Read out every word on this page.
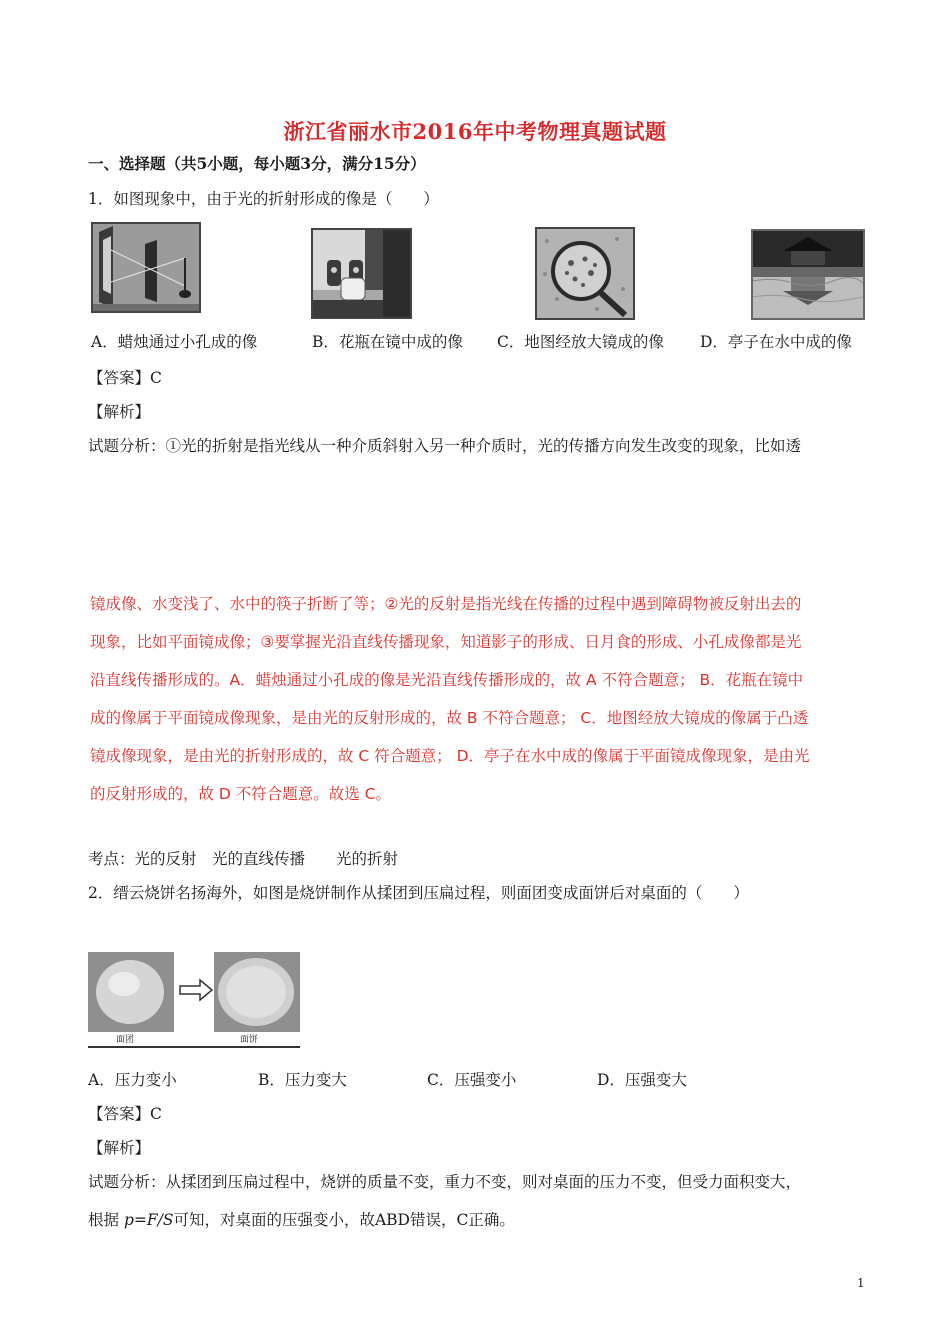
浙江省丽水市2016年中考物理真题试题
一、选择题（共5小题，每小题3分，满分15分）
1．如图现象中，由于光的折射形成的像是（　　）
A．蜡烛通过小孔成的像	B．花瓶在镜中成的像 C．地图经放大镜成的像 D．亭子在水中成的像
【答案】C
【解析】
试题分析：①光的折射是指光线从一种介质斜射入另一种介质时，光的传播方向发生改变的现象，比如透
镜成像、水变浅了、水中的筷子折断了等；②光的反射是指光线在传播的过程中遇到障碍物被反射出去的
现象，比如平面镜成像；③要掌握光沿直线传播现象，知道影子的形成、日月食的形成、小孔成像都是光
沿直线传播形成的。A．蜡烛通过小孔成的像是光沿直线传播形成的，故 A 不符合题意； B．花瓶在镜中
成的像属于平面镜成像现象，是由光的反射形成的，故 B 不符合题意； C．地图经放大镜成的像属于凸透
镜成像现象，是由光的折射形成的，故 C 符合题意； D．亭子在水中成的像属于平面镜成像现象，是由光
的反射形成的，故 D 不符合题意。故选 C。
考点：光的反射　光的直线传播　　光的折射
2．缙云烧饼名扬海外，如图是烧饼制作从揉团到压扁过程，则面团变成面饼后对桌面的（　　）
面团	面饼
A．压力变小	B．压力变大	C．压强变小	D．压强变大
【答案】C
【解析】
试题分析：从揉团到压扁过程中，烧饼的质量不变，重力不变，则对桌面的压力不变，但受力面积变大，
根据 p=F/S可知，对桌面的压强变小，故ABD错误，C正确。
1
